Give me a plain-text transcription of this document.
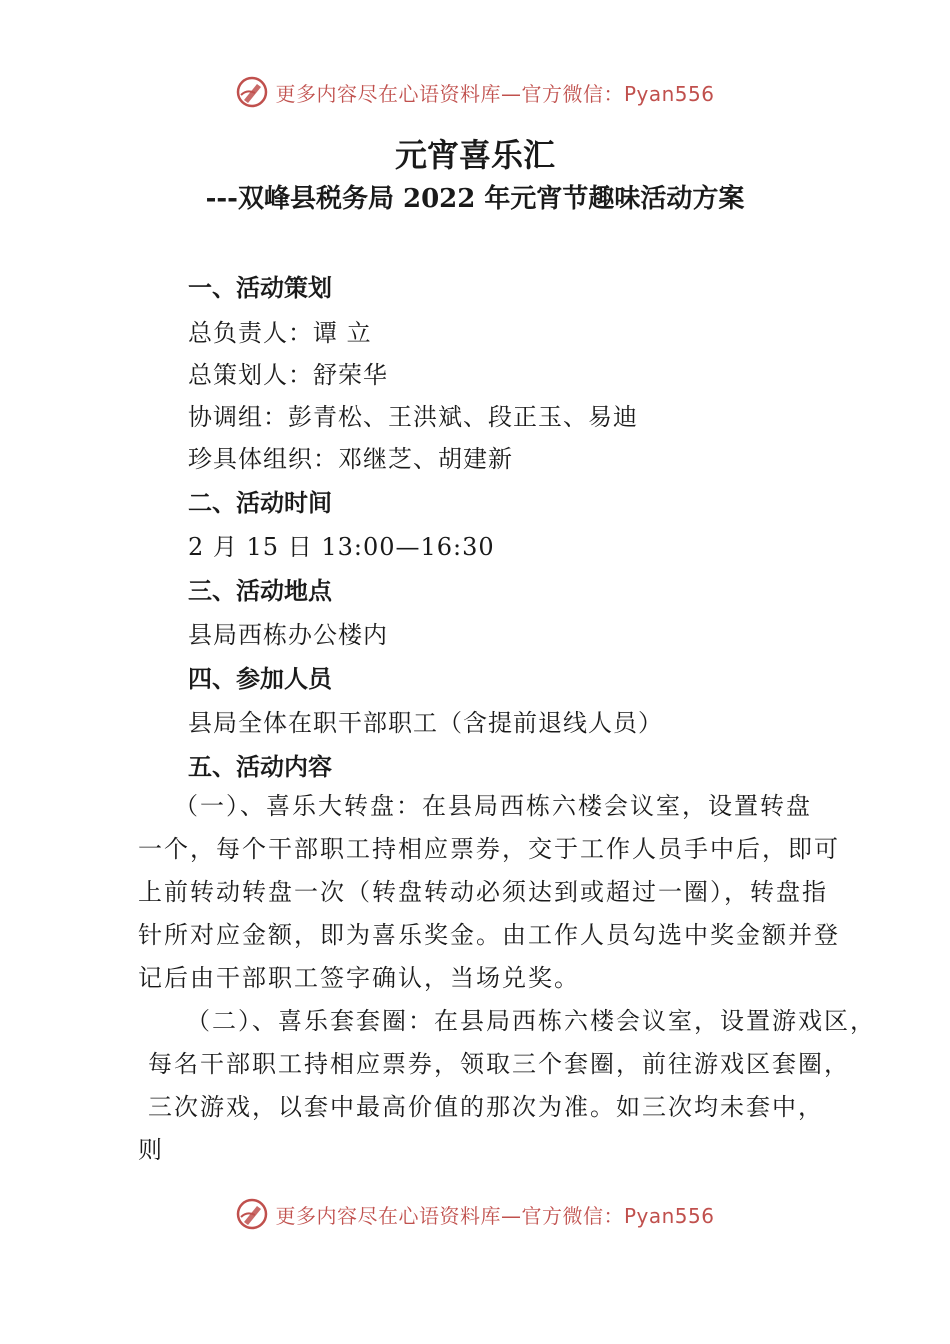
更多内容尽在心语资料库—官方微信：Pyan556
元宵喜乐汇
---双峰县税务局 2022 年元宵节趣味活动方案
一、活动策划
总负责人：谭 立
总策划人：舒荣华
协调组：彭青松、王洪斌、段正玉、易迪
珍具体组织：邓继芝、胡建新
二、活动时间
2 月 15 日 13:00—16:30
三、活动地点
县局西栋办公楼内
四、参加人员
县局全体在职干部职工（含提前退线人员）
五、活动内容
（一）、喜乐大转盘：在县局西栋六楼会议室，设置转盘
一个，每个干部职工持相应票券，交于工作人员手中后，即可
上前转动转盘一次（转盘转动必须达到或超过一圈），转盘指
针所对应金额，即为喜乐奖金。由工作人员勾选中奖金额并登
记后由干部职工签字确认，当场兑奖。
（二）、喜乐套套圈：在县局西栋六楼会议室，设置游戏区，
每名干部职工持相应票券，领取三个套圈，前往游戏区套圈，
三次游戏，以套中最高价值的那次为准。如三次均未套中，
则
更多内容尽在心语资料库—官方微信：Pyan556
